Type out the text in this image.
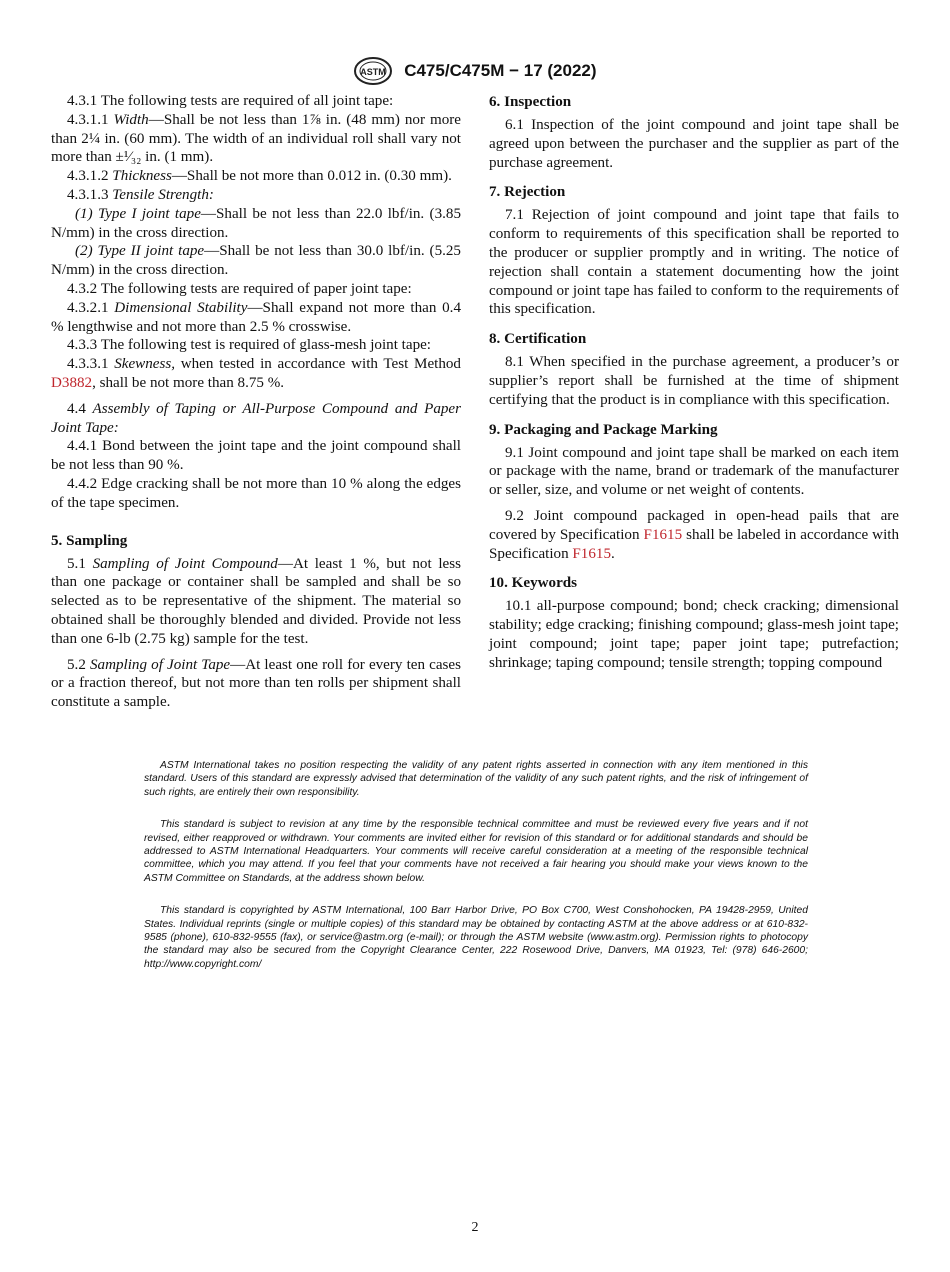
ASTM C475/C475M − 17 (2022)

4.3.1 The following tests are required of all joint tape:

4.3.1.1 Width—Shall be not less than 1⅞ in. (48 mm) nor more than 2¼ in. (60 mm). The width of an individual roll shall vary not more than ±¹⁄₃₂ in. (1 mm).

4.3.1.2 Thickness—Shall be not more than 0.012 in. (0.30 mm).

4.3.1.3 Tensile Strength:

(1) Type I joint tape—Shall be not less than 22.0 lbf/in. (3.85 N/mm) in the cross direction.

(2) Type II joint tape—Shall be not less than 30.0 lbf/in. (5.25 N/mm) in the cross direction.

4.3.2 The following tests are required of paper joint tape:

4.3.2.1 Dimensional Stability—Shall expand not more than 0.4 % lengthwise and not more than 2.5 % crosswise.

4.3.3 The following test is required of glass-mesh joint tape:

4.3.3.1 Skewness, when tested in accordance with Test Method D3882, shall be not more than 8.75 %.

4.4 Assembly of Taping or All-Purpose Compound and Paper Joint Tape:

4.4.1 Bond between the joint tape and the joint compound shall be not less than 90 %.

4.4.2 Edge cracking shall be not more than 10 % along the edges of the tape specimen.

5. Sampling

5.1 Sampling of Joint Compound—At least 1 %, but not less than one package or container shall be sampled and shall be so selected as to be representative of the shipment. The material so obtained shall be thoroughly blended and divided. Provide not less than one 6-lb (2.75 kg) sample for the test.

5.2 Sampling of Joint Tape—At least one roll for every ten cases or a fraction thereof, but not more than ten rolls per shipment shall constitute a sample.

6. Inspection

6.1 Inspection of the joint compound and joint tape shall be agreed upon between the purchaser and the supplier as part of the purchase agreement.

7. Rejection

7.1 Rejection of joint compound and joint tape that fails to conform to requirements of this specification shall be reported to the producer or supplier promptly and in writing. The notice of rejection shall contain a statement documenting how the joint compound or joint tape has failed to conform to the requirements of this specification.

8. Certification

8.1 When specified in the purchase agreement, a producer’s or supplier’s report shall be furnished at the time of shipment certifying that the product is in compliance with this specification.

9. Packaging and Package Marking

9.1 Joint compound and joint tape shall be marked on each item or package with the name, brand or trademark of the manufacturer or seller, size, and volume or net weight of contents.

9.2 Joint compound packaged in open-head pails that are covered by Specification F1615 shall be labeled in accordance with Specification F1615.

10. Keywords

10.1 all-purpose compound; bond; check cracking; dimensional stability; edge cracking; finishing compound; glass-mesh joint tape; joint compound; joint tape; paper joint tape; putrefaction; shrinkage; taping compound; tensile strength; topping compound

ASTM International takes no position respecting the validity of any patent rights asserted in connection with any item mentioned in this standard. Users of this standard are expressly advised that determination of the validity of any such patent rights, and the risk of infringement of such rights, are entirely their own responsibility.

This standard is subject to revision at any time by the responsible technical committee and must be reviewed every five years and if not revised, either reapproved or withdrawn. Your comments are invited either for revision of this standard or for additional standards and should be addressed to ASTM International Headquarters. Your comments will receive careful consideration at a meeting of the responsible technical committee, which you may attend. If you feel that your comments have not received a fair hearing you should make your views known to the ASTM Committee on Standards, at the address shown below.

This standard is copyrighted by ASTM International, 100 Barr Harbor Drive, PO Box C700, West Conshohocken, PA 19428-2959, United States. Individual reprints (single or multiple copies) of this standard may be obtained by contacting ASTM at the above address or at 610-832-9585 (phone), 610-832-9555 (fax), or service@astm.org (e-mail); or through the ASTM website (www.astm.org). Permission rights to photocopy the standard may also be secured from the Copyright Clearance Center, 222 Rosewood Drive, Danvers, MA 01923, Tel: (978) 646-2600; http://www.copyright.com/

2
